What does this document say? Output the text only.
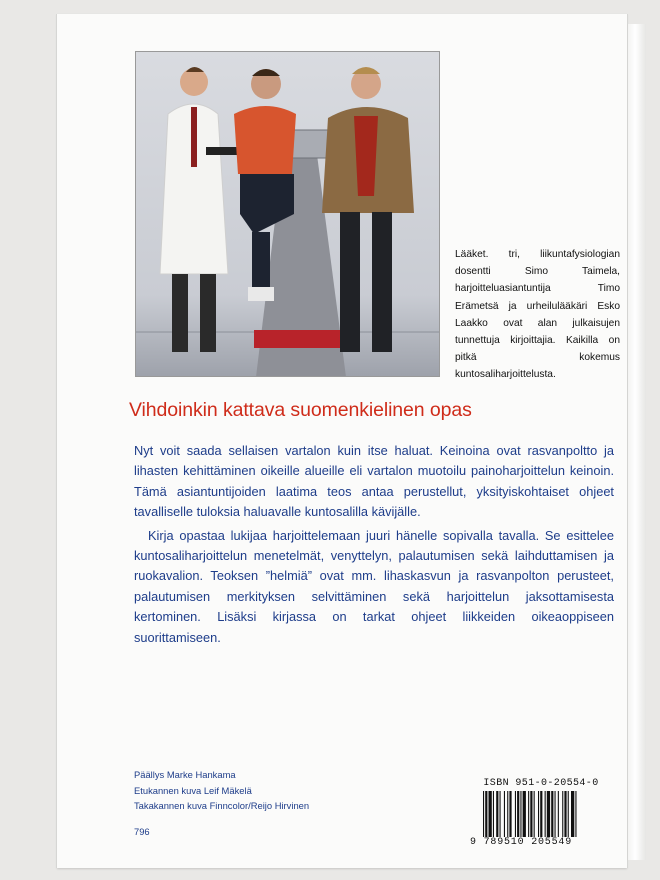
Lääket. tri, liikuntafysiologian dosentti Simo Taimela, harjoitteluasiantuntija Timo Erämetsä ja urheilulääkäri Esko Laakko ovat alan julkaisujen tunnettuja kirjoittajia. Kaikilla on pitkä kokemus kuntosaliharjoittelusta.
Vihdoinkin kattava suomenkielinen opas

Nyt voit saada sellaisen vartalon kuin itse haluat. Keinoina ovat rasvanpoltto ja lihasten kehittäminen oikeille alueille eli vartalon muotoilu painoharjoittelun keinoin. Tämä asiantuntijoiden laatima teos antaa perustellut, yksityiskohtaiset ohjeet tavalliselle tuloksia haluavalle kuntosalilla kävijälle.

Kirja opastaa lukijaa harjoittelemaan juuri hänelle sopivalla tavalla. Se esittelee kuntosaliharjoittelun menetelmät, venyttelyn, palautumisen sekä laihduttamisen ja ruokavalion. Teoksen ”helmiä” ovat mm. lihaskasvun ja rasvanpolton perusteet, palautumisen merkityksen selvittäminen sekä harjoittelun jaksottamisesta kertominen. Lisäksi kirjassa on tarkat ohjeet liikkeiden oikeaoppiseen suorittamiseen.

Päällys Marke Hankama
Etukannen kuva Leif Mäkelä
Takakannen kuva Finncolor/Reijo Hirvinen
796
ISBN 951-0-20554-0
9 789510 205549
